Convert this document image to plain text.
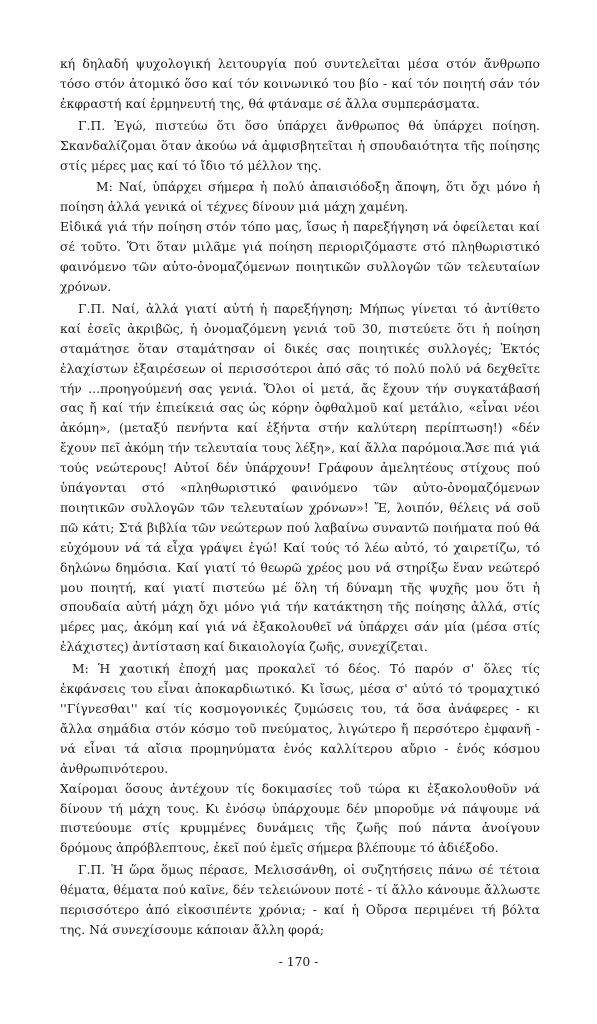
κή δηλαδή ψυχολογική λειτουργία πού συντελεῖται μέσα στόν ἄνθρωπο τόσο στόν ἀτομικό ὅσο καί τόν κοινωνικό του βίο - καί τόν ποιητή σάν τόν ἐκφραστή καί ἑρμηνευτή της, θά φτάναμε σέ ἄλλα συμπεράσματα.

Γ.Π. Ἐγώ, πιστεύω ὅτι ὅσο ὑπάρχει ἄνθρωπος θά ὑπάρχει ποίηση. Σκανδαλίζομαι ὅταν ἀκούω νά ἀμφισβητεῖται ἡ σπουδαιότητα τῆς ποίησης στίς μέρες μας καί τό ἴδιο τό μέλλον της.

Μ: Ναί, ὑπάρχει σήμερα ἡ πολύ ἀπαισιόδοξη ἄποψη, ὅτι ὄχι μόνο ἡ ποίηση ἀλλά γενικά οἱ τέχνες δίνουν μιά μάχη χαμένη.

Εἰδικά γιά τήν ποίηση στόν τόπο μας, ἴσως ἡ παρεξήγηση νά ὀφείλεται καί σέ τοῦτο. Ὅτι ὅταν μιλᾶμε γιά ποίηση περιοριζόμαστε στό πληθωριστικό φαινόμενο τῶν αὐτο-ὀνομαζόμενων ποιητικῶν συλλογῶν τῶν τελευταίων χρόνων.

Γ.Π. Ναί, ἀλλά γιατί αὐτή ἡ παρεξήγηση; Μήπως γίνεται τό ἀντίθετο καί ἐσεῖς ἀκριβῶς, ἡ ὀνομαζόμενη γενιά τοῦ 30, πιστεύετε ὅτι ἡ ποίηση σταμάτησε ὅταν σταμάτησαν οἱ δικές σας ποιητικές συλλογές; Ἐκτός ἐλαχίστων ἐξαιρέσεων οἱ περισσότεροι ἀπό σᾶς τό πολύ πολύ νά δεχθεῖτε τήν ...προηγούμενή σας γενιά. Ὅλοι οἱ μετά, ἄς ἔχουν τήν συγκατάβασή σας ἤ καί τήν ἐπιείκειά σας ὡς κόρην ὀφθαλμοῦ καί μετάλιο, «εἶναι νέοι ἀκόμη», (μεταξύ πενήντα καί ἑξήντα στήν καλύτερη περίπτωση!) «δέν ἔχουν πεῖ ἀκόμη τήν τελευταία τους λέξη», καί ἄλλα παρόμοια.Ἄσε πιά γιά τούς νεώτερους! Αὐτοί δέν ὑπάρχουν! Γράφουν ἀμελητέους στίχους πού ὑπάγονται στό «πληθωριστικό φαινόμενο τῶν αὐτο-ὀνομαζόμενων ποιητικῶν συλλογῶν τῶν τελευταίων χρόνων»! Ἔ, λοιπόν, θέλεις νά σοῦ πῶ κάτι; Στά βιβλία τῶν νεώτερων πού λαβαίνω συναντῶ ποιήματα πού θά εὐχόμουν νά τά εἶχα γράψει ἐγώ! Καί τούς τό λέω αὐτό, τό χαιρετίζω, τό δηλώνω δημόσια. Καί γιατί τό θεωρῶ χρέος μου νά στηρίξω ἕναν νεώτερό μου ποιητή, καί γιατί πιστεύω μέ ὅλη τή δύναμη τῆς ψυχῆς μου ὅτι ἡ σπουδαία αὐτή μάχη ὄχι μόνο γιά τήν κατάκτηση τῆς ποίησης ἀλλά, στίς μέρες μας, ἀκόμη καί γιά νά ἐξακολουθεῖ νά ὑπάρχει σάν μία (μέσα στίς ἐλάχιστες) ἀντίσταση καί δικαιολογία ζωῆς, συνεχίζεται.

Μ: Ἡ χαοτική ἐποχή μας προκαλεῖ τό δέος. Τό παρόν σ' ὅλες τίς ἐκφάνσεις του εἶναι ἀποκαρδιωτικό. Κι ἴσως, μέσα σ' αὐτό τό τρομαχτικό ''Γίγνεσθαι'' καί τίς κοσμογονικές ζυμώσεις του, τά ὅσα ἀνάφερες - κι ἄλλα σημάδια στόν κόσμο τοῦ πνεύματος, λιγώτερο ἤ περσότερο ἐμφανῆ - νά εἶναι τά αἴσια προμηνύματα ἑνός καλλίτερου αὔριο - ἑνός κόσμου ἀνθρωπινότερου.

Χαίρομαι ὅσους ἀντέχουν τίς δοκιμασίες τοῦ τώρα κι ἐξακολουθοῦν νά δίνουν τή μάχη τους. Κι ἐνόσῳ ὑπάρχουμε δέν μποροῦμε νά πάψουμε νά πιστεύουμε στίς κρυμμένες δυνάμεις τῆς ζωῆς πού πάντα ἀνοίγουν δρόμους ἀπρόβλεπτους, ἐκεῖ πού ἐμεῖς σήμερα βλέπουμε τό ἀδιέξοδο.

Γ.Π. Ἡ ὥρα ὅμως πέρασε, Μελισσάνθη, οἱ συζητήσεις πάνω σέ τέτοια θέματα, θέματα πού καῖνε, δέν τελειώνουν ποτέ - τί ἄλλο κάνουμε ἄλλωστε περισσότερο ἀπό εἰκοσιπέντε χρόνια; - καί ἡ Οὔρσα περιμένει τή βόλτα της. Νά συνεχίσουμε κάποιαν ἄλλη φορά;

- 170 -
